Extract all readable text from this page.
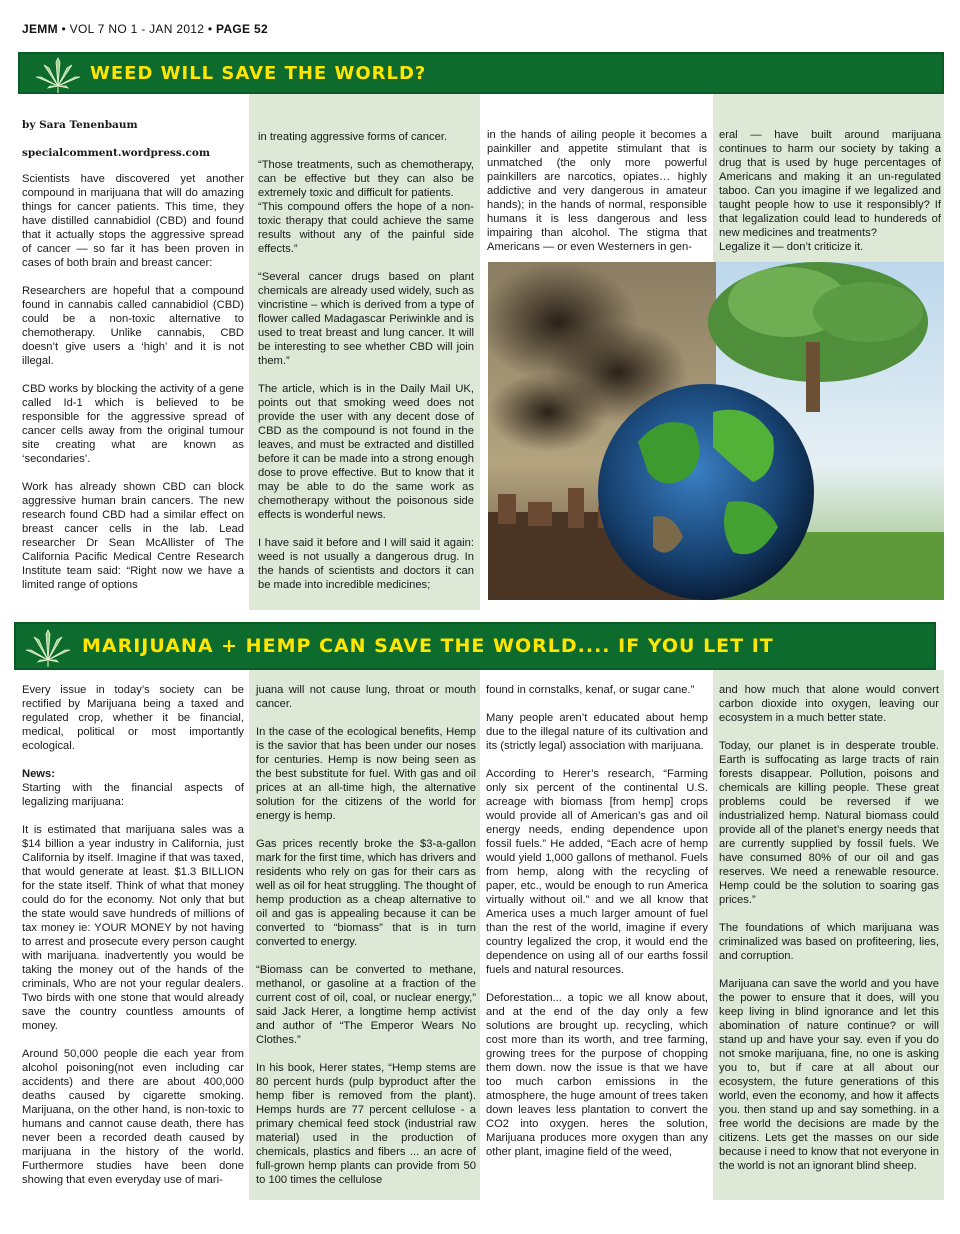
JEMM • VOL 7 NO 1 - JAN 2012 • PAGE 52
WEED WILL SAVE THE WORLD?
by Sara Tenenbaum
specialcomment.wordpress.com

Scientists have discovered yet another compound in marijuana that will do amazing things for cancer patients. This time, they have distilled cannabidiol (CBD) and found that it actually stops the aggressive spread of cancer — so far it has been proven in cases of both brain and breast cancer:

Researchers are hopeful that a compound found in cannabis called cannabidiol (CBD) could be a non-toxic alternative to chemotherapy. Unlike cannabis, CBD doesn’t give users a ‘high’ and it is not illegal.

CBD works by blocking the activity of a gene called Id-1 which is believed to be responsible for the aggressive spread of cancer cells away from the original tumour site creating what are known as ‘secondaries’.

Work has already shown CBD can block aggressive human brain cancers. The new research found CBD had a similar effect on breast cancer cells in the lab. Lead researcher Dr Sean McAllister of The California Pacific Medical Centre Research Institute team said: “Right now we have a limited range of options

in treating aggressive forms of cancer.

“Those treatments, such as chemotherapy, can be effective but they can also be extremely toxic and difficult for patients.
“This compound offers the hope of a non-toxic therapy that could achieve the same results without any of the painful side effects.”

“Several cancer drugs based on plant chemicals are already used widely, such as vincristine – which is derived from a type of flower called Madagascar Periwinkle and is used to treat breast and lung cancer. It will be interesting to see whether CBD will join them.”

The article, which is in the Daily Mail UK, points out that smoking weed does not provide the user with any decent dose of CBD as the compound is not found in the leaves, and must be extracted and distilled before it can be made into a strong enough dose to prove effective. But to know that it may be able to do the same work as chemotherapy without the poisonous side effects is wonderful news.

I have said it before and I will said it again: weed is not usually a dangerous drug. In the hands of scientists and doctors it can be made into incredible medicines;

in the hands of ailing people it becomes a painkiller and appetite stimulant that is unmatched (the only more powerful painkillers are narcotics, opiates… highly addictive and very dangerous in amateur hands); in the hands of normal, responsible humans it is less dangerous and less impairing than alcohol. The stigma that Americans — or even Westerners in gen-

eral — have built around marijuana continues to harm our society by taking a drug that is used by huge percentages of Americans and making it an un-regulated taboo. Can you imagine if we legalized and taught people how to use it responsibly? If that legalization could lead to hundereds of new medicines and treatments?
Legalize it — don’t criticize it.

MARIJUANA + HEMP CAN SAVE THE WORLD.... IF YOU LET IT

Every issue in today’s society can be rectified by Marijuana being a taxed and regulated crop, whether it be financial, medical, political or most importantly ecological.

News:

Starting with the financial aspects of legalizing marijuana:

It is estimated that marijuana sales was a $14 billion a year industry in California, just California by itself. Imagine if that was taxed, that would generate at least. $1.3 BILLION for the state itself. Think of what that money could do for the economy. Not only that but the state would save hundreds of millions of tax money ie: YOUR MONEY by not having to arrest and prosecute every person caught with marijuana. inadvertently you would be taking the money out of the hands of the criminals, Who are not your regular dealers. Two birds with one stone that would already save the country countless amounts of money.

Around 50,000 people die each year from alcohol poisoning(not even including car accidents) and there are about 400,000 deaths caused by cigarette smoking. Marijuana, on the other hand, is non-toxic to humans and cannot cause death, there has never been a recorded death caused by marijuana in the history of the world. Furthermore studies have been done showing that even everyday use of mari-

juana will not cause lung, throat or mouth cancer.

In the case of the ecological benefits, Hemp is the savior that has been under our noses for centuries. Hemp is now being seen as the best substitute for fuel. With gas and oil prices at an all-time high, the alternative solution for the citizens of the world for energy is hemp.

Gas prices recently broke the $3-a-gallon mark for the first time, which has drivers and residents who rely on gas for their cars as well as oil for heat struggling. The thought of hemp production as a cheap alternative to oil and gas is appealing because it can be converted to “biomass” that is in turn converted to energy.

“Biomass can be converted to methane, methanol, or gasoline at a fraction of the current cost of oil, coal, or nuclear energy,” said Jack Herer, a longtime hemp activist and author of “The Emperor Wears No Clothes.”

In his book, Herer states, “Hemp stems are 80 percent hurds (pulp byproduct after the hemp fiber is removed from the plant). Hemps hurds are 77 percent cellulose - a primary chemical feed stock (industrial raw material) used in the production of chemicals, plastics and fibers ... an acre of full-grown hemp plants can provide from 50 to 100 times the cellulose

found in cornstalks, kenaf, or sugar cane.”

Many people aren’t educated about hemp due to the illegal nature of its cultivation and its (strictly legal) association with marijuana.

According to Herer’s research, “Farming only six percent of the continental U.S. acreage with biomass [from hemp] crops would provide all of American’s gas and oil energy needs, ending dependence upon fossil fuels.” He added, “Each acre of hemp would yield 1,000 gallons of methanol. Fuels from hemp, along with the recycling of paper, etc., would be enough to run America virtually without oil.” and we all know that America uses a much larger amount of fuel than the rest of the world, imagine if every country legalized the crop, it would end the dependence on using all of our earths fossil fuels and natural resources.

Deforestation... a topic we all know about, and at the end of the day only a few solutions are brought up. recycling, which cost more than its worth, and tree farming, growing trees for the purpose of chopping them down. now the issue is that we have too much carbon emissions in the atmosphere, the huge amount of trees taken down leaves less plantation to convert the CO2 into oxygen. heres the solution, Marijuana produces more oxygen than any other plant, imagine field of the weed,

and how much that alone would convert carbon dioxide into oxygen, leaving our ecosystem in a much better state.

Today, our planet is in desperate trouble. Earth is suffocating as large tracts of rain forests disappear. Pollution, poisons and chemicals are killing people. These great problems could be reversed if we industrialized hemp. Natural biomass could provide all of the planet’s energy needs that are currently supplied by fossil fuels. We have consumed 80% of our oil and gas reserves. We need a renewable resource. Hemp could be the solution to soaring gas prices.”

The foundations of which marijuana was criminalized was based on profiteering, lies, and corruption.

Marijuana can save the world and you have the power to ensure that it does, will you keep living in blind ignorance and let this abomination of nature continue? or will stand up and have your say. even if you do not smoke marijuana, fine, no one is asking you to, but if care at all about our ecosystem, the future generations of this world, even the economy, and how it affects you. then stand up and say something. in a free world the decisions are made by the citizens. Lets get the masses on our side because i need to know that not everyone in the world is not an ignorant blind sheep.
